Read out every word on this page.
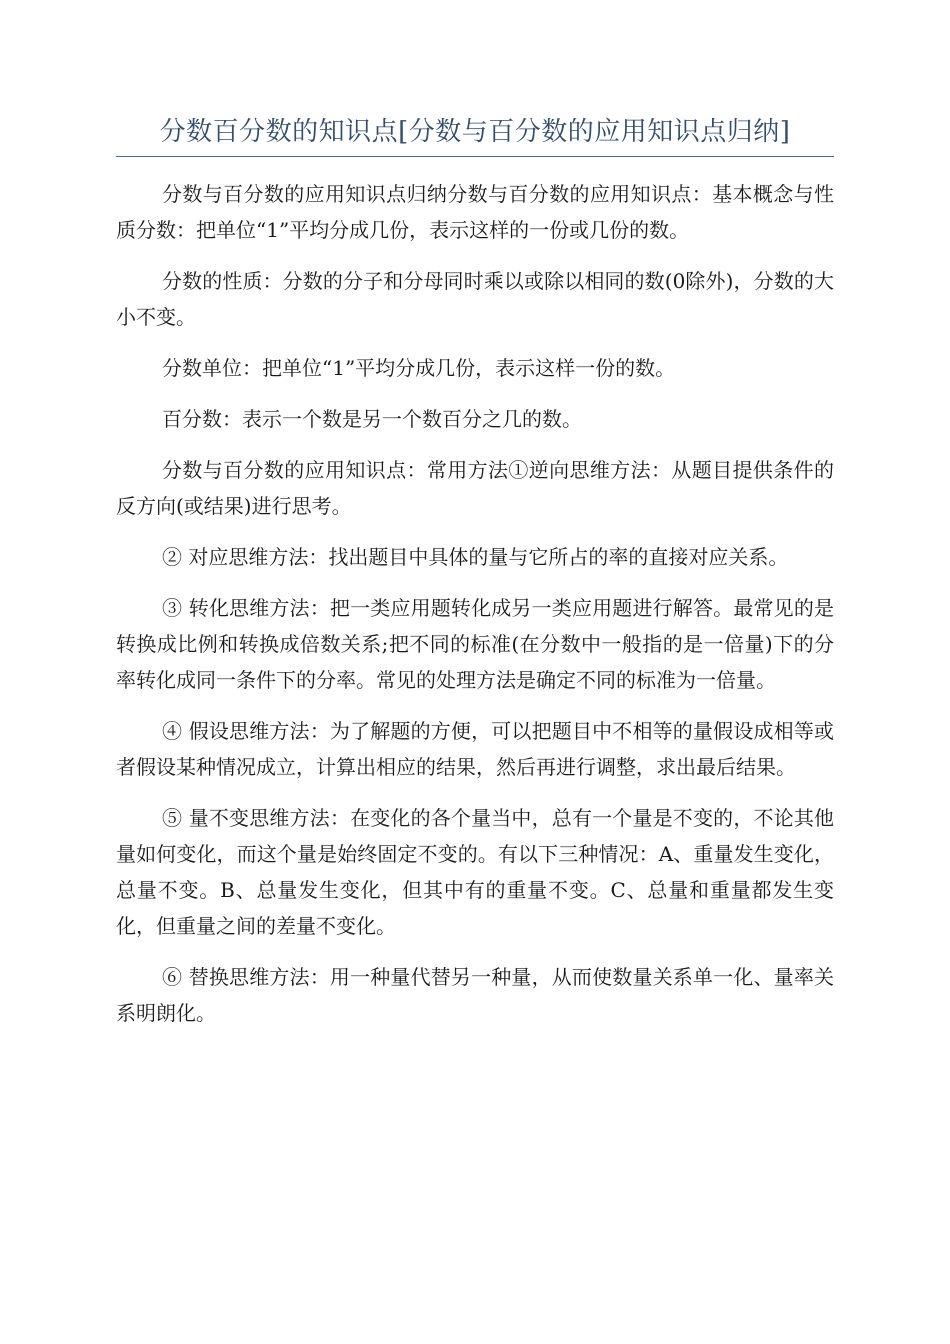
分数百分数的知识点[分数与百分数的应用知识点归纳]

分数与百分数的应用知识点归纳分数与百分数的应用知识点：基本概念与性质分数：把单位“1”平均分成几份，表示这样的一份或几份的数。

分数的性质：分数的分子和分母同时乘以或除以相同的数(0除外)，分数的大小不变。

分数单位：把单位“1”平均分成几份，表示这样一份的数。

百分数：表示一个数是另一个数百分之几的数。

分数与百分数的应用知识点：常用方法①逆向思维方法：从题目提供条件的反方向(或结果)进行思考。

② 对应思维方法：找出题目中具体的量与它所占的率的直接对应关系。

③ 转化思维方法：把一类应用题转化成另一类应用题进行解答。最常见的是转换成比例和转换成倍数关系;把不同的标准(在分数中一般指的是一倍量)下的分率转化成同一条件下的分率。常见的处理方法是确定不同的标准为一倍量。

④ 假设思维方法：为了解题的方便，可以把题目中不相等的量假设成相等或者假设某种情况成立，计算出相应的结果，然后再进行调整，求出最后结果。

⑤ 量不变思维方法：在变化的各个量当中，总有一个量是不变的，不论其他量如何变化，而这个量是始终固定不变的。有以下三种情况：A、重量发生变化，总量不变。B、总量发生变化，但其中有的重量不变。C、总量和重量都发生变化，但重量之间的差量不变化。

⑥ 替换思维方法：用一种量代替另一种量，从而使数量关系单一化、量率关系明朗化。
